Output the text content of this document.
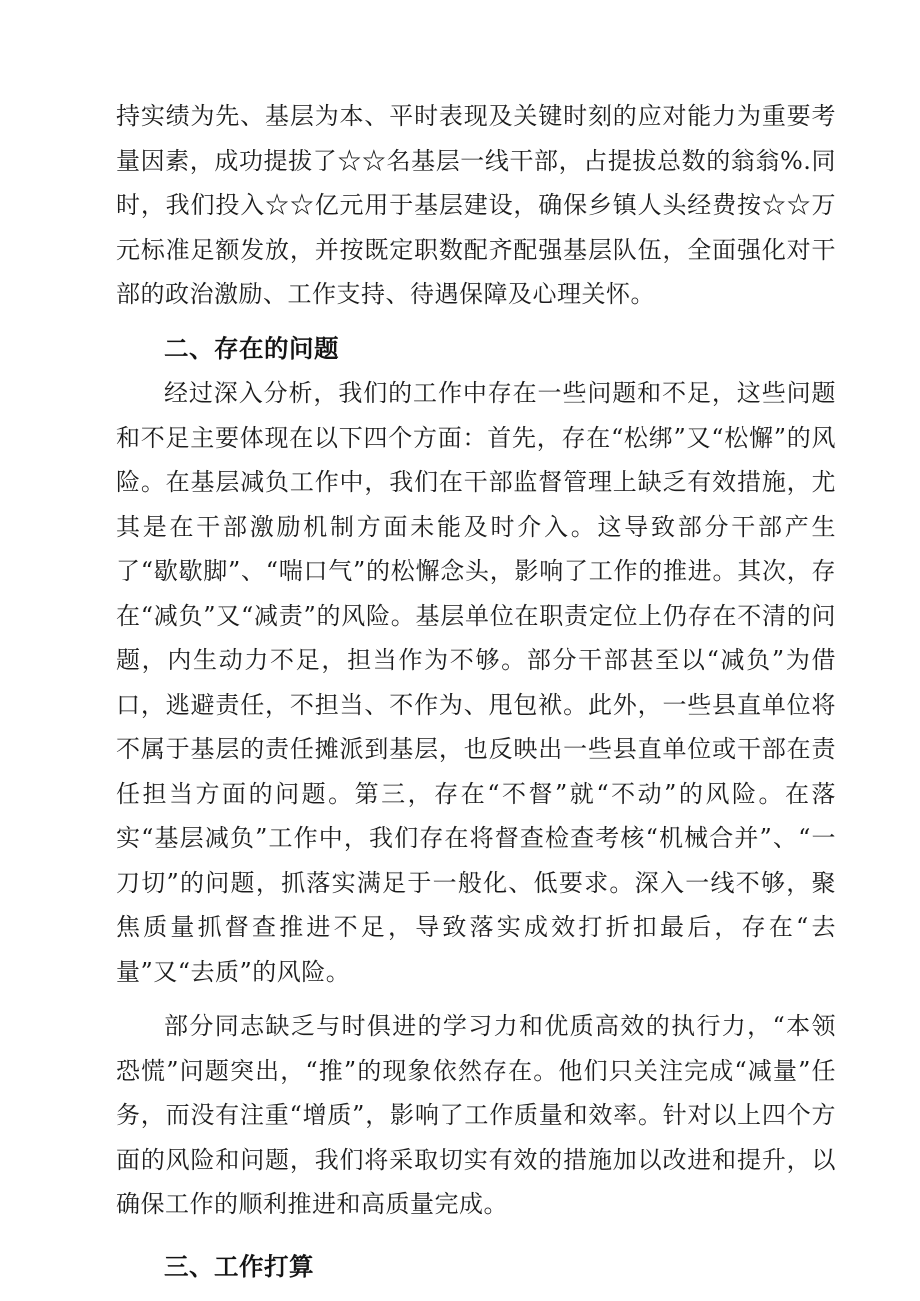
持实绩为先、基层为本、平时表现及关键时刻的应对能力为重要考量因素，成功提拔了☆☆名基层一线干部，占提拔总数的翁翁%.同时，我们投入☆☆亿元用于基层建设，确保乡镇人头经费按☆☆万元标准足额发放，并按既定职数配齐配强基层队伍，全面强化对干部的政治激励、工作支持、待遇保障及心理关怀。

二、存在的问题

经过深入分析，我们的工作中存在一些问题和不足，这些问题和不足主要体现在以下四个方面：首先，存在“松绑”又“松懈”的风险。在基层减负工作中，我们在干部监督管理上缺乏有效措施，尤其是在干部激励机制方面未能及时介入。这导致部分干部产生了“歇歇脚”、“喘口气”的松懈念头，影响了工作的推进。其次，存在“减负”又“减责”的风险。基层单位在职责定位上仍存在不清的问题，内生动力不足，担当作为不够。部分干部甚至以“减负”为借口，逃避责任，不担当、不作为、甩包袱。此外，一些县直单位将不属于基层的责任摊派到基层，也反映出一些县直单位或干部在责任担当方面的问题。第三，存在“不督”就“不动”的风险。在落实“基层减负”工作中，我们存在将督查检查考核“机械合并”、“一刀切”的问题，抓落实满足于一般化、低要求。深入一线不够，聚焦质量抓督查推进不足，导致落实成效打折扣最后，存在“去量”又“去质”的风险。

部分同志缺乏与时俱进的学习力和优质高效的执行力，“本领恐慌”问题突出，“推”的现象依然存在。他们只关注完成“减量”任务，而没有注重“增质”，影响了工作质量和效率。针对以上四个方面的风险和问题，我们将采取切实有效的措施加以改进和提升，以确保工作的顺利推进和高质量完成。

三、工作打算
